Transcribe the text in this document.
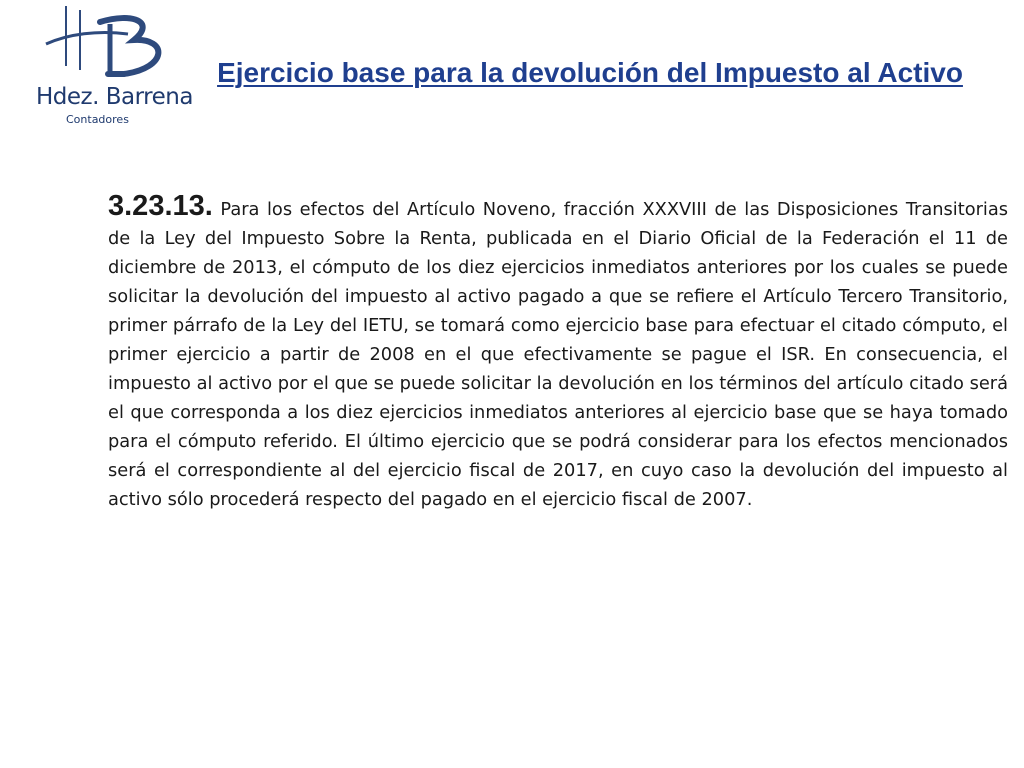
Hdez. Barrena
Contadores
Ejercicio base para la devolución del Impuesto al Activo

3.23.13. Para los efectos del Artículo Noveno, fracción XXXVIII de las Disposiciones Transitorias de la Ley del Impuesto Sobre la Renta, publicada en el Diario Oficial de la Federación el 11 de diciembre de 2013, el cómputo de los diez ejercicios inmediatos anteriores por los cuales se puede solicitar la devolución del impuesto al activo pagado a que se refiere el Artículo Tercero Transitorio, primer párrafo de la Ley del IETU, se tomará como ejercicio base para efectuar el citado cómputo, el primer ejercicio a partir de 2008 en el que efectivamente se pague el ISR. En consecuencia, el impuesto al activo por el que se puede solicitar la devolución en los términos del artículo citado será el que corresponda a los diez ejercicios inmediatos anteriores al ejercicio base que se haya tomado para el cómputo referido. El último ejercicio que se podrá considerar para los efectos mencionados será el correspondiente al del ejercicio fiscal de 2017, en cuyo caso la devolución del impuesto al activo sólo procederá respecto del pagado en el ejercicio fiscal de 2007.
